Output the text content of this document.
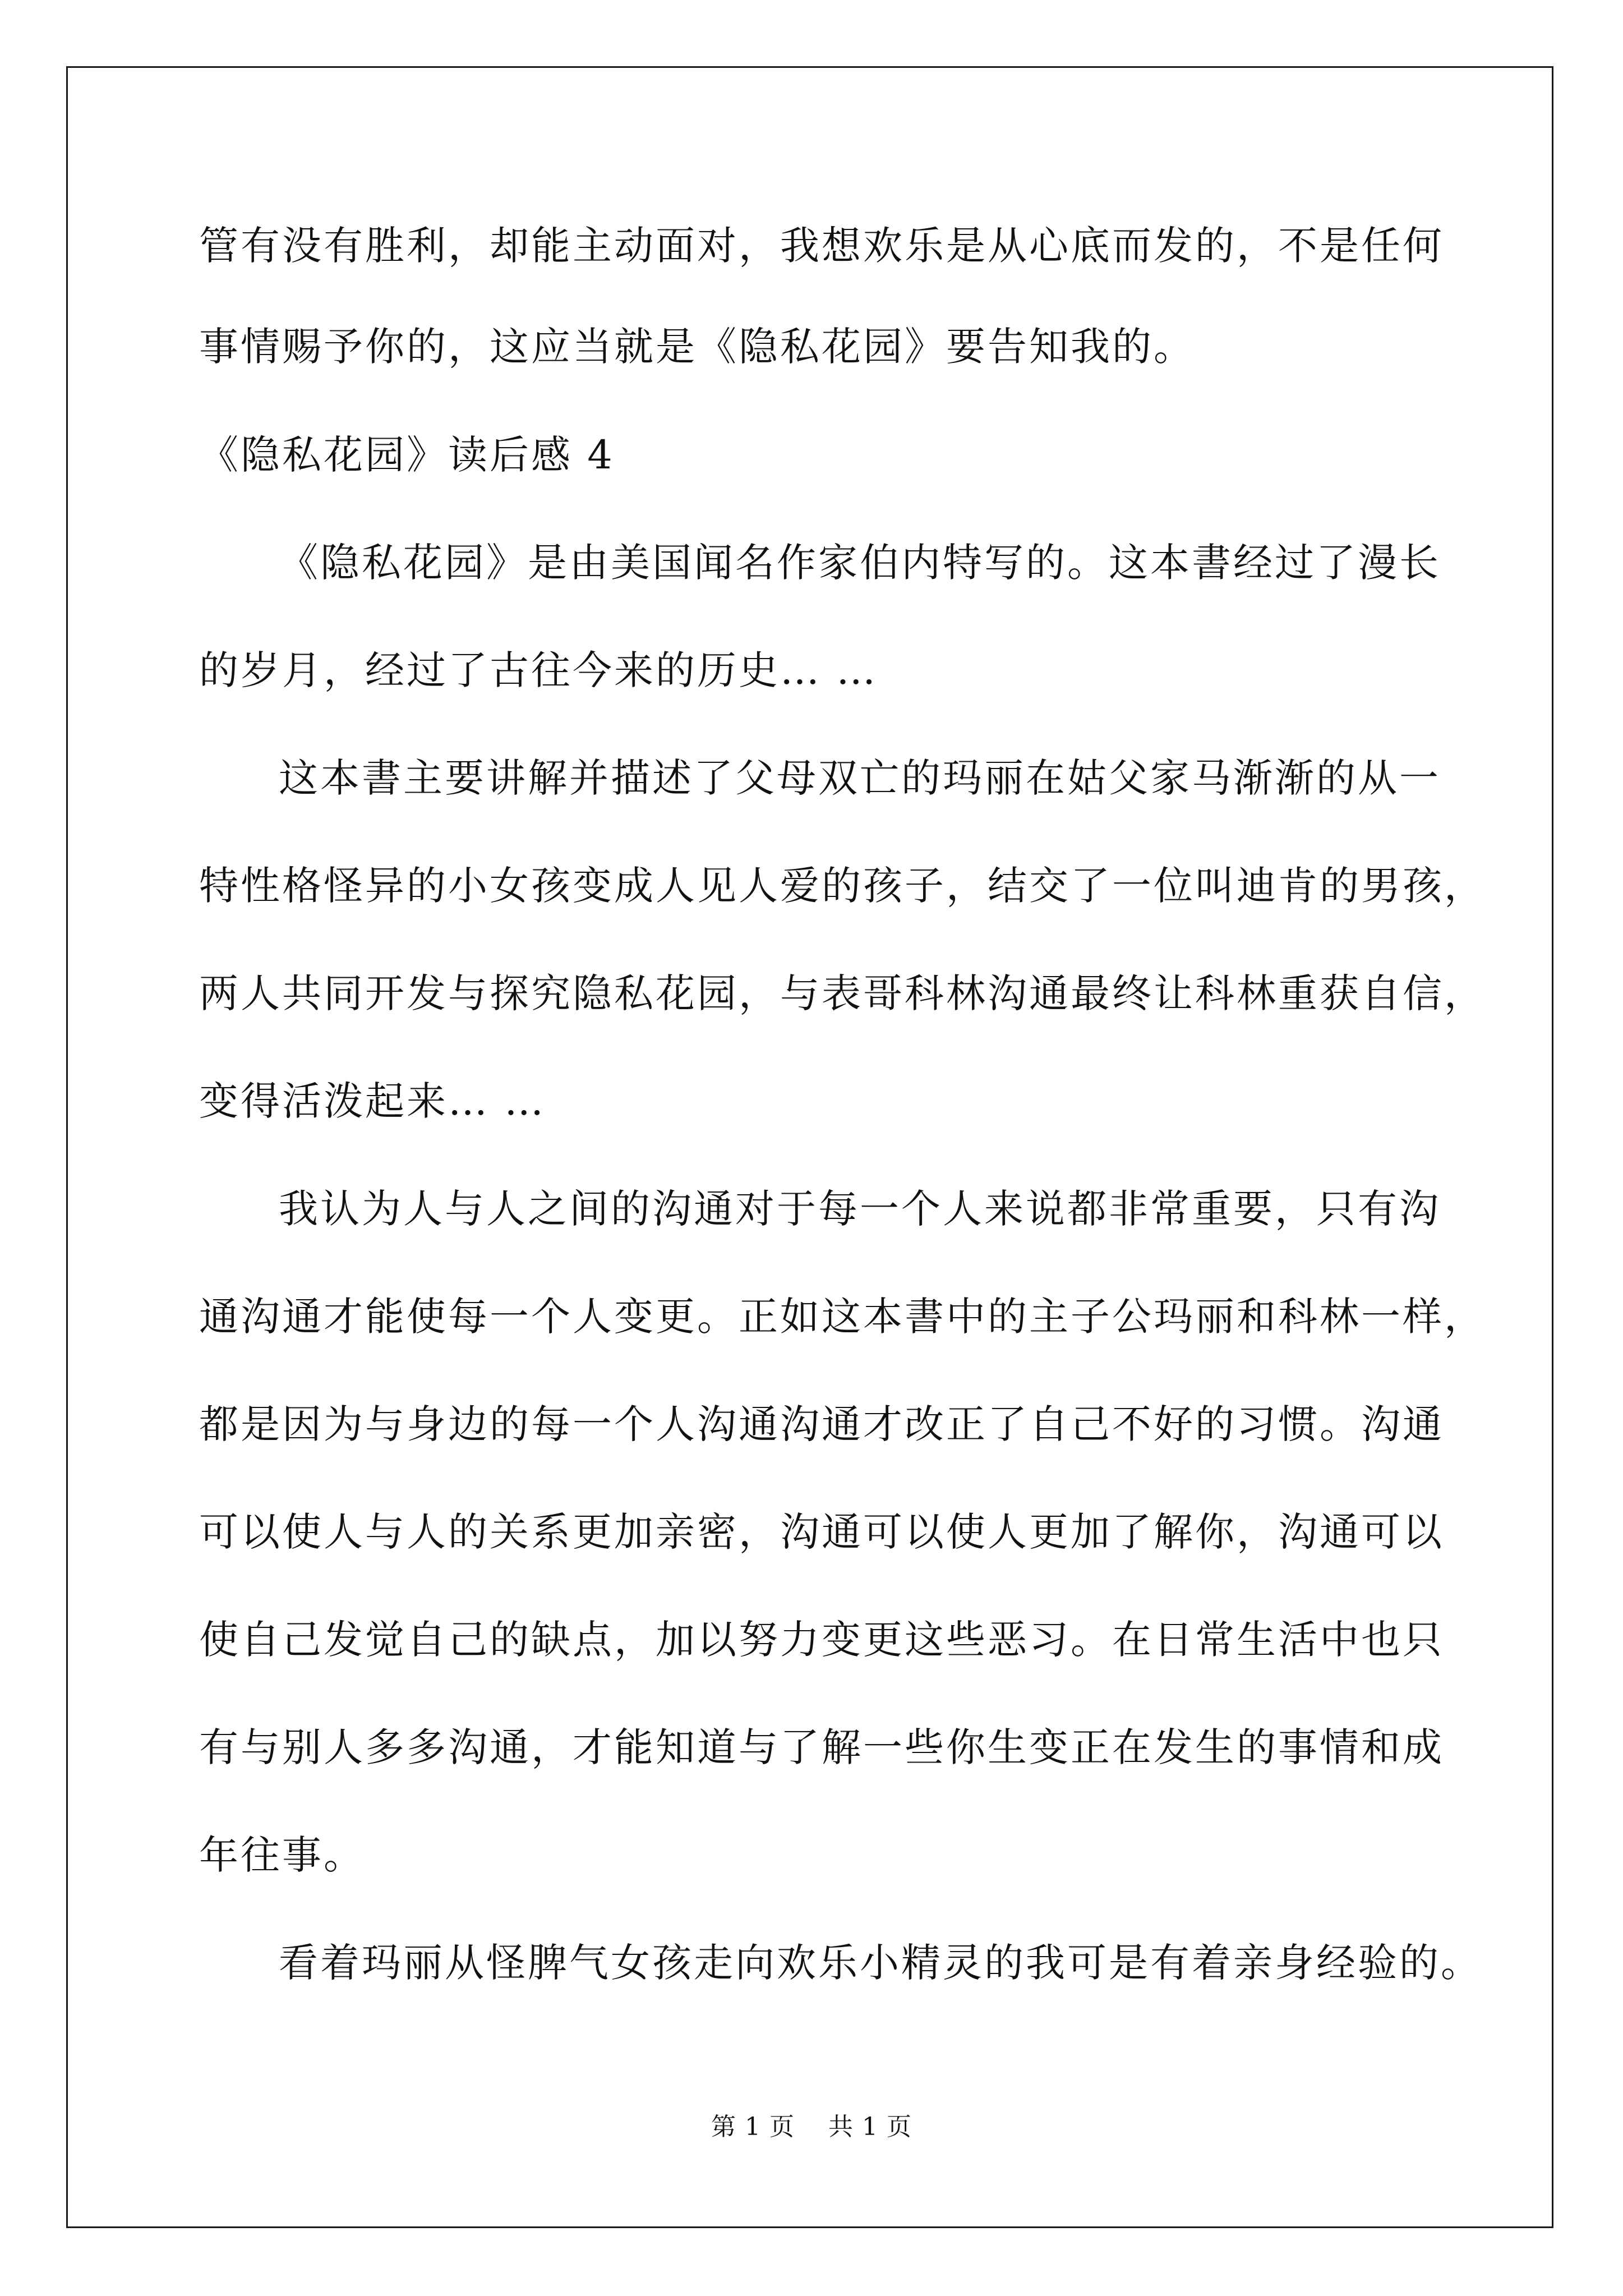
管有没有胜利，却能主动面对，我想欢乐是从心底而发的，不是任何
事情赐予你的，这应当就是《隐私花园》要告知我的。
《隐私花园》读后感 4
《隐私花园》是由美国闻名作家伯内特写的。这本書经过了漫长
的岁月，经过了古往今来的历史… …
这本書主要讲解并描述了父母双亡的玛丽在姑父家马渐渐的从一
特性格怪异的小女孩变成人见人爱的孩子，结交了一位叫迪肯的男孩，
两人共同开发与探究隐私花园，与表哥科林沟通最终让科林重获自信，
变得活泼起来… …
我认为人与人之间的沟通对于每一个人来说都非常重要，只有沟
通沟通才能使每一个人变更。正如这本書中的主子公玛丽和科林一样，
都是因为与身边的每一个人沟通沟通才改正了自己不好的习惯。沟通
可以使人与人的关系更加亲密，沟通可以使人更加了解你，沟通可以
使自己发觉自己的缺点，加以努力变更这些恶习。在日常生活中也只
有与别人多多沟通，才能知道与了解一些你生变正在发生的事情和成
年往事。
看着玛丽从怪脾气女孩走向欢乐小精灵的我可是有着亲身经验的。
第 1 页 共 1 页
